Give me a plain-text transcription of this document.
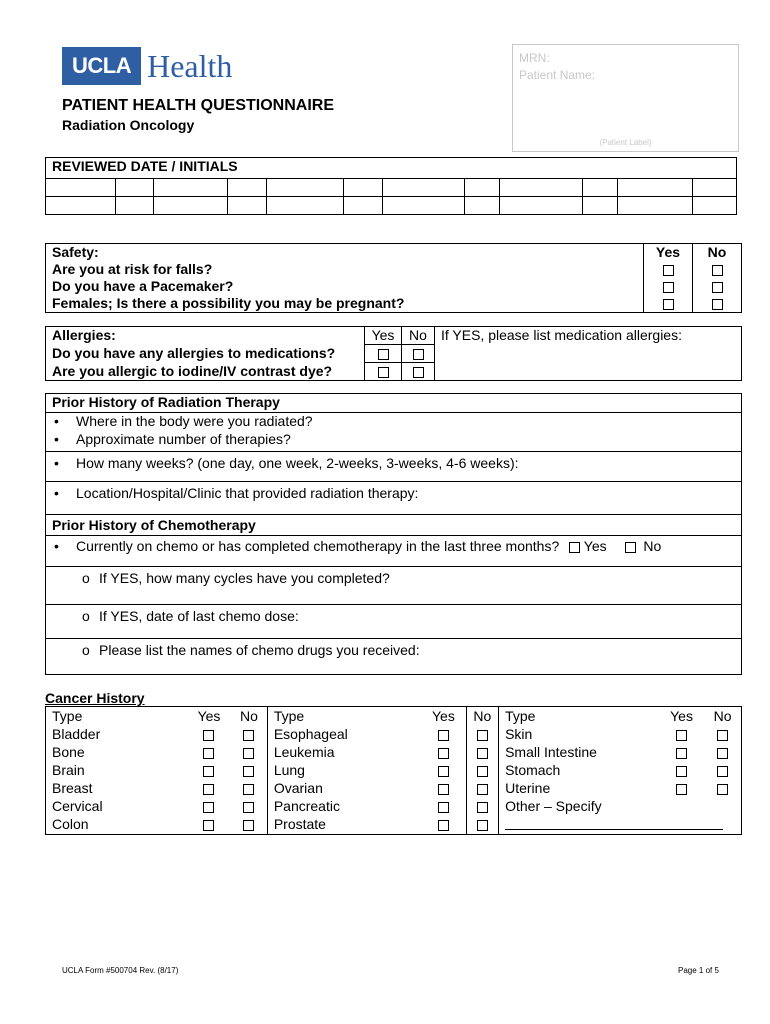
UCLA Health
PATIENT HEALTH QUESTIONNAIRE
Radiation Oncology
MRN:
Patient Name:
(Patient Label)
REVIEWED DATE / INITIALS											

Safety:	Yes	No
Are you at risk for falls?		
Do you have a Pacemaker?		
Females; Is there a possibility you may be pregnant?		
Allergies:	Yes	No	If YES, please list medication allergies:
Do you have any allergies to medications?			
Are you allergic to iodine/IV contrast dye?			
Prior History of Radiation Therapy
• Where in the body were you radiated?
• Approximate number of therapies?
• How many weeks? (one day, one week, 2-weeks, 3-weeks, 4-6 weeks):
• Location/Hospital/Clinic that provided radiation therapy:
Prior History of Chemotherapy
• Currently on chemo or has completed chemotherapy in the last three months? Yes	No
o If YES, how many cycles have you completed?
o If YES, date of last chemo dose:
o Please list the names of chemo drugs you received:
Cancer History
Type	Yes	No	Type	Yes	No	Type	Yes	No
Bladder			Esophageal			Skin		
Bone			Leukemia			Small Intestine		
Brain			Lung			Stomach		
Breast			Ovarian			Uterine		
Cervical			Pancreatic			Other – Specify		
Colon			Prostate					
UCLA Form #500704 Rev. (8/17)	Page 1 of 5
